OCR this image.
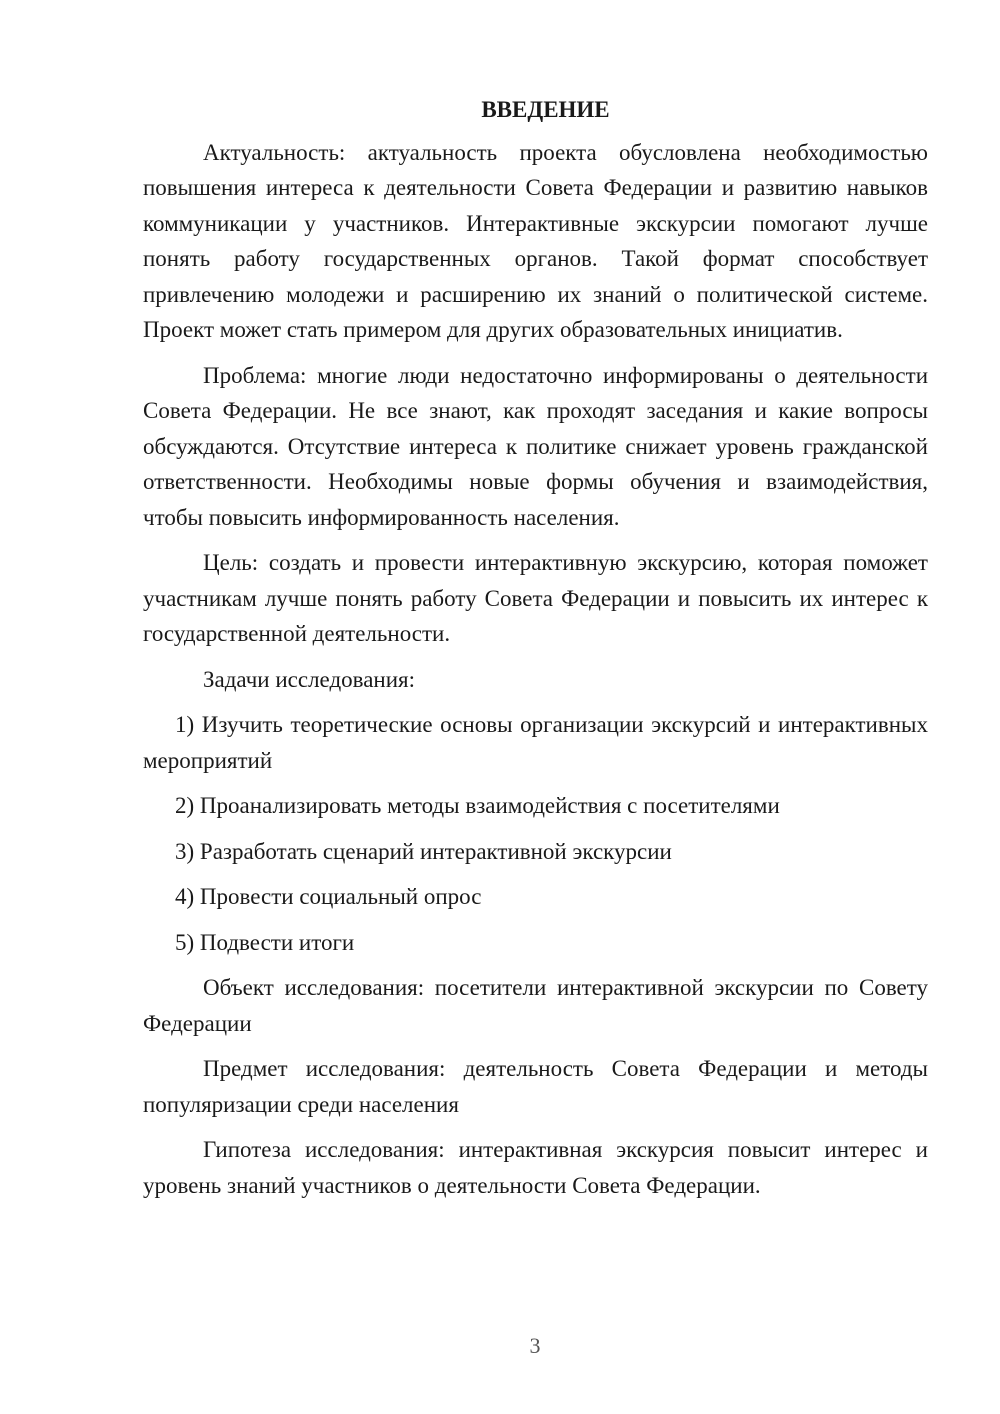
ВВЕДЕНИЕ

Актуальность: актуальность проекта обусловлена необходимостью повышения интереса к деятельности Совета Федерации и развитию навыков коммуникации у участников. Интерактивные экскурсии помогают лучше понять работу государственных органов. Такой формат способствует привлечению молодежи и расширению их знаний о политической системе. Проект может стать примером для других образовательных инициатив.

Проблема: многие люди недостаточно информированы о деятельности Совета Федерации. Не все знают, как проходят заседания и какие вопросы обсуждаются. Отсутствие интереса к политике снижает уровень гражданской ответственности. Необходимы новые формы обучения и взаимодействия, чтобы повысить информированность населения.

Цель: создать и провести интерактивную экскурсию, которая поможет участникам лучше понять работу Совета Федерации и повысить их интерес к государственной деятельности.

Задачи исследования:

1) Изучить теоретические основы организации экскурсий и интерактивных мероприятий

2) Проанализировать методы взаимодействия с посетителями

3) Разработать сценарий интерактивной экскурсии

4) Провести социальный опрос

5) Подвести итоги

Объект исследования: посетители интерактивной экскурсии по Совету Федерации

Предмет исследования: деятельность Совета Федерации и методы популяризации среди населения

Гипотеза исследования: интерактивная экскурсия повысит интерес и уровень знаний участников о деятельности Совета Федерации.

3
